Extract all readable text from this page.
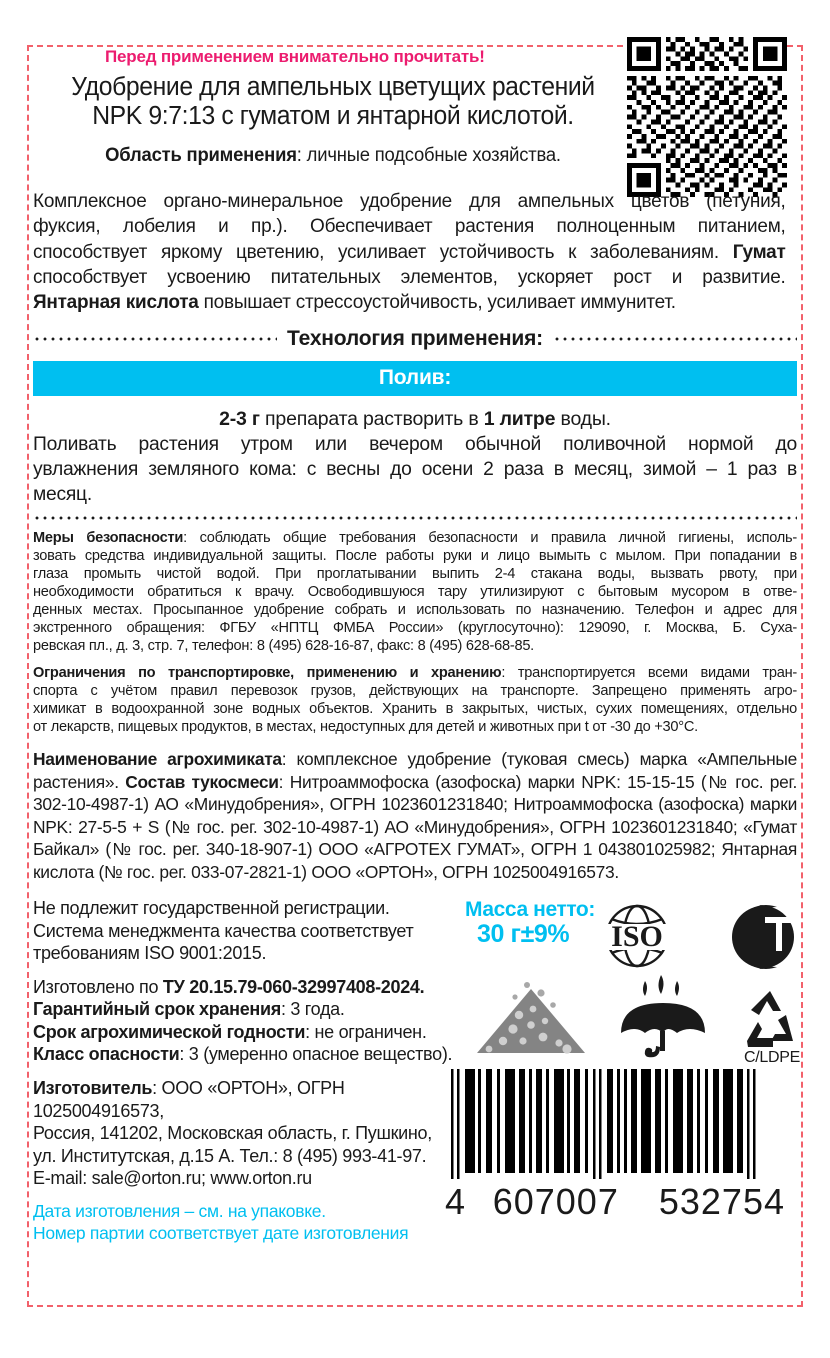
Перед применением внимательно прочитать!
Удобрение для ампельных цветущих растений
NPK 9:7:13 с гуматом и янтарной кислотой.
Область применения: личные подсобные хозяйства.
Комплексное органо-минеральное удобрение для ампельных цветов (петуния,
фуксия, лобелия и пр.). Обеспечивает растения полноценным питанием,
способствует яркому цветению, усиливает устойчивость к заболеваниям. Гумат
способствует усвоению питательных элементов, ускоряет рост и развитие.
Янтарная кислота повышает стрессоустойчивость, усиливает иммунитет.
Технология применения:
Полив:
2-3 г препарата растворить в 1 литре воды.
Поливать растения утром или вечером обычной поливочной нормой до
увлажнения земляного кома: с весны до осени 2 раза в месяц, зимой – 1 раз в
месяц.
Меры безопасности: соблюдать общие требования безопасности и правила личной гигиены, исполь-
зовать средства индивидуальной защиты. После работы руки и лицо вымыть с мылом. При попадании в
глаза промыть чистой водой. При проглатывании выпить 2-4 стакана воды, вызвать рвоту, при
необходимости обратиться к врачу. Освободившуюся тару утилизируют с бытовым мусором в отве-
денных местах. Просыпанное удобрение собрать и использовать по назначению. Телефон и адрес для
экстренного обращения: ФГБУ «НПТЦ ФМБА России» (круглосуточно): 129090, г. Москва, Б. Суха-
ревская пл., д. 3, стр. 7, телефон: 8 (495) 628-16-87, факс: 8 (495) 628-68-85.
Ограничения по транспортировке, применению и хранению: транспортируется всеми видами тран-
спорта с учётом правил перевозок грузов, действующих на транспорте. Запрещено применять агро-
химикат в водоохранной зоне водных объектов. Хранить в закрытых, чистых, сухих помещениях, отдельно
от лекарств, пищевых продуктов, в местах, недоступных для детей и животных при t от -30 до +30°C.
Наименование агрохимиката: комплексное удобрение (туковая смесь) марка «Ампельные
растения». Состав тукосмеси: Нитроаммофоска (азофоска) марки NPK: 15-15-15 (№ гос. рег.
302-10-4987-1) АО «Минудобрения», ОГРН 1023601231840; Нитроаммофоска (азофоска) марки
NPK: 27-5-5 + S (№ гос. рег. 302-10-4987-1) АО «Минудобрения», ОГРН 1023601231840; «Гумат
Байкал» (№ гос. рег. 340-18-907-1) ООО «АГРОТЕХ ГУМАТ», ОГРН 1 043801025982; Янтарная
кислота (№ гос. рег. 033-07-2821-1) ООО «ОРТОН», ОГРН 1025004916573.
Не подлежит государственной регистрации.
Система менеджмента качества соответствует
требованиям ISO 9001:2015.
Изготовлено по ТУ 20.15.79-060-32997408-2024.
Гарантийный срок хранения: 3 года.
Срок агрохимической годности: не ограничен.
Класс опасности: 3 (умеренно опасное вещество).
Изготовитель: ООО «ОРТОН», ОГРН 1025004916573,
Россия, 141202, Московская область, г. Пушкино,
ул. Институтская, д.15 А. Тел.: 8 (495) 993-41-97.
E-mail: sale@orton.ru; www.orton.ru
Дата изготовления – см. на упаковке.
Номер партии соответствует дате изготовления
Масса нетто:
30 г±9%	ISO
C/LDPE
4 607007 532754
